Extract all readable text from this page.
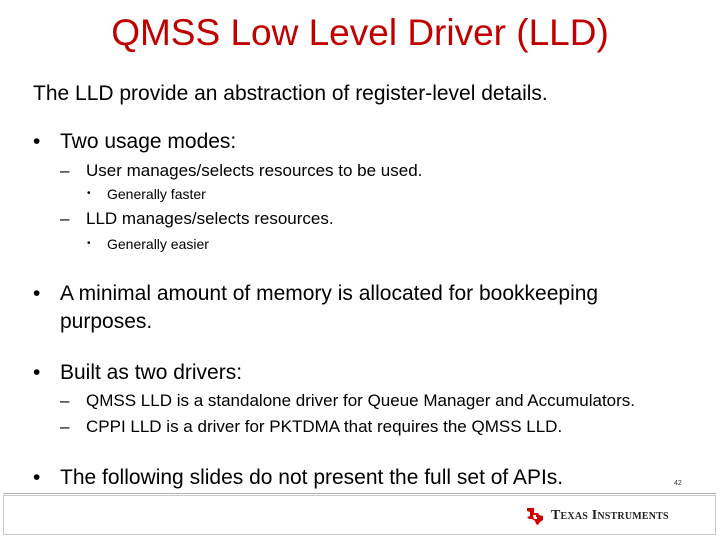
QMSS Low Level Driver (LLD)
The LLD provide an abstraction of register-level details.
• Two usage modes:
– User manages/selects resources to be used.
• Generally faster
– LLD manages/selects resources.
• Generally easier
• A minimal amount of memory is allocated for bookkeeping
purposes.
• Built as two drivers:
– QMSS LLD is a standalone driver for Queue Manager and Accumulators.
– CPPI LLD is a driver for PKTDMA that requires the QMSS LLD.
• The following slides do not present the full set of APIs.	42
Texas Instruments
